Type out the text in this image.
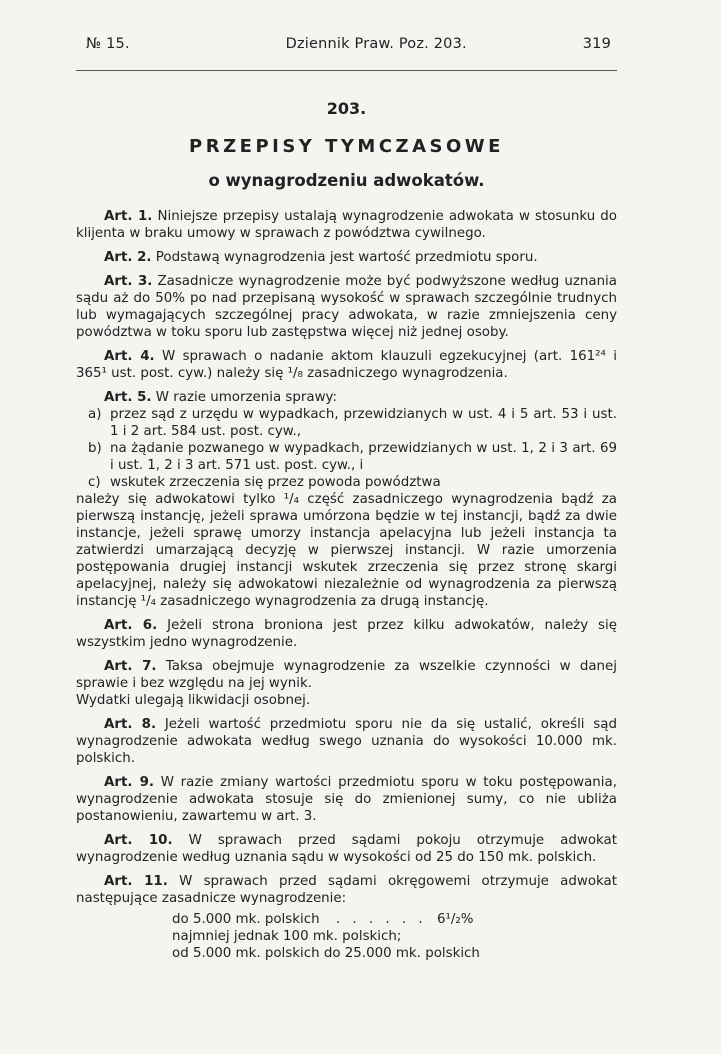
№ 15.	Dziennik Praw. Poz. 203.	319
203.
PRZEPISY TYMCZASOWE
o wynagrodzeniu adwokatów.

Art. 1. Niniejsze przepisy ustalają wynagrodzenie adwokata w stosunku do klijenta w braku umowy w sprawach z powództwa cywilnego.

Art. 2. Podstawą wynagrodzenia jest wartość przedmiotu sporu.

Art. 3. Zasadnicze wynagrodzenie może być podwyższone według uznania sądu aż do 50% po nad przepisaną wysokość w sprawach szczególnie trudnych lub wymagających szczególnej pracy adwokata, w razie zmniejszenia ceny powództwa w toku sporu lub zastępstwa więcej niż jednej osoby.

Art. 4. W sprawach o nadanie aktom klauzuli egzekucyjnej (art. 161²⁴ i 365¹ ust. post. cyw.) należy się ¹/₈ zasadniczego wynagrodzenia.

Art. 5. W razie umorzenia sprawy:

a) przez sąd z urzędu w wypadkach, przewidzianych w ust. 4 i 5 art. 53 i ust. 1 i 2 art. 584 ust. post. cyw.,
b) na żądanie pozwanego w wypadkach, przewidzianych w ust. 1, 2 i 3 art. 69 i ust. 1, 2 i 3 art. 571 ust. post. cyw., i
c) wskutek zrzeczenia się przez powoda powództwa

należy się adwokatowi tylko ¹/₄ część zasadniczego wynagrodzenia bądź za pierwszą instancję, jeżeli sprawa umórzona będzie w tej instancji, bądź za dwie instancje, jeżeli sprawę umorzy instancja apelacyjna lub jeżeli instancja ta zatwierdzi umarzającą decyzję w pierwszej instancji. W razie umorzenia postępowania drugiej instancji wskutek zrzeczenia się przez stronę skargi apelacyjnej, należy się adwokatowi niezależnie od wynagrodzenia za pierwszą instancję ¹/₄ zasadniczego wynagrodzenia za drugą instancję.

Art. 6. Jeżeli strona broniona jest przez kilku adwokatów, należy się wszystkim jedno wynagrodzenie.

Art. 7. Taksa obejmuje wynagrodzenie za wszelkie czynności w danej sprawie i bez względu na jej wynik.
Wydatki ulegają likwidacji osobnej.

Art. 8. Jeżeli wartość przedmiotu sporu nie da się ustalić, określi sąd wynagrodzenie adwokata według swego uznania do wysokości 10.000 mk. polskich.

Art. 9. W razie zmiany wartości przedmiotu sporu w toku postępowania, wynagrodzenie adwokata stosuje się do zmienionej sumy, co nie ubliża postanowieniu, zawartemu w art. 3.

Art. 10. W sprawach przed sądami pokoju otrzymuje adwokat wynagrodzenie według uznania sądu w wysokości od 25 do 150 mk. polskich.

Art. 11. W sprawach przed sądami okręgowemi otrzymuje adwokat następujące zasadnicze wynagrodzenie:

do 5.000 mk. polskich . . . . . . 6¹/₂%
najmniej jednak 100 mk. polskich;
od 5.000 mk. polskich do 25.000 mk. polskich
